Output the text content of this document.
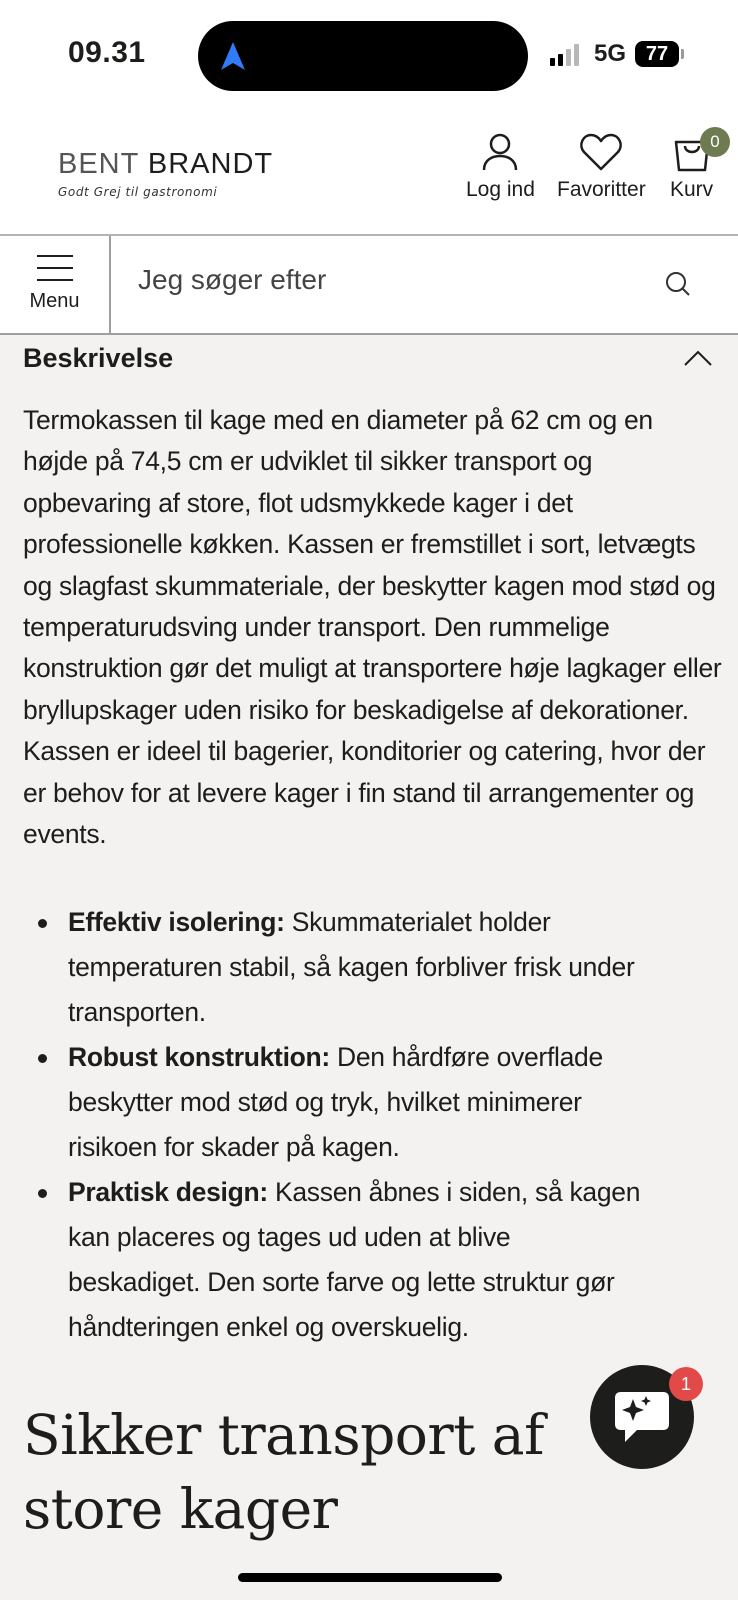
09.31	5G 77
BENT BRANDT
Godt Grej til gastronomi	Log ind Favoritter Kurv
0
Menu
Jeg søger efter
Beskrivelse

Termokassen til kage med en diameter på 62 cm og en højde på 74,5 cm er udviklet til sikker transport og opbevaring af store, flot udsmykkede kager i det professionelle køkken. Kassen er fremstillet i sort, letvægts og slagfast skummateriale, der beskytter kagen mod stød og temperaturudsving under transport. Den rummelige konstruktion gør det muligt at transportere høje lagkager eller bryllupskager uden risiko for beskadigelse af dekorationer. Kassen er ideel til bagerier, konditorier og catering, hvor der er behov for at levere kager i fin stand til arrangementer og events.

Effektiv isolering: Skummaterialet holder temperaturen stabil, så kagen forbliver frisk under transporten.
Robust konstruktion: Den hårdføre overflade beskytter mod stød og tryk, hvilket minimerer risikoen for skader på kagen.
Praktisk design: Kassen åbnes i siden, så kagen kan placeres og tages ud uden at blive beskadiget. Den sorte farve og lette struktur gør håndteringen enkel og overskuelig.
Sikker transport af store kager
1
